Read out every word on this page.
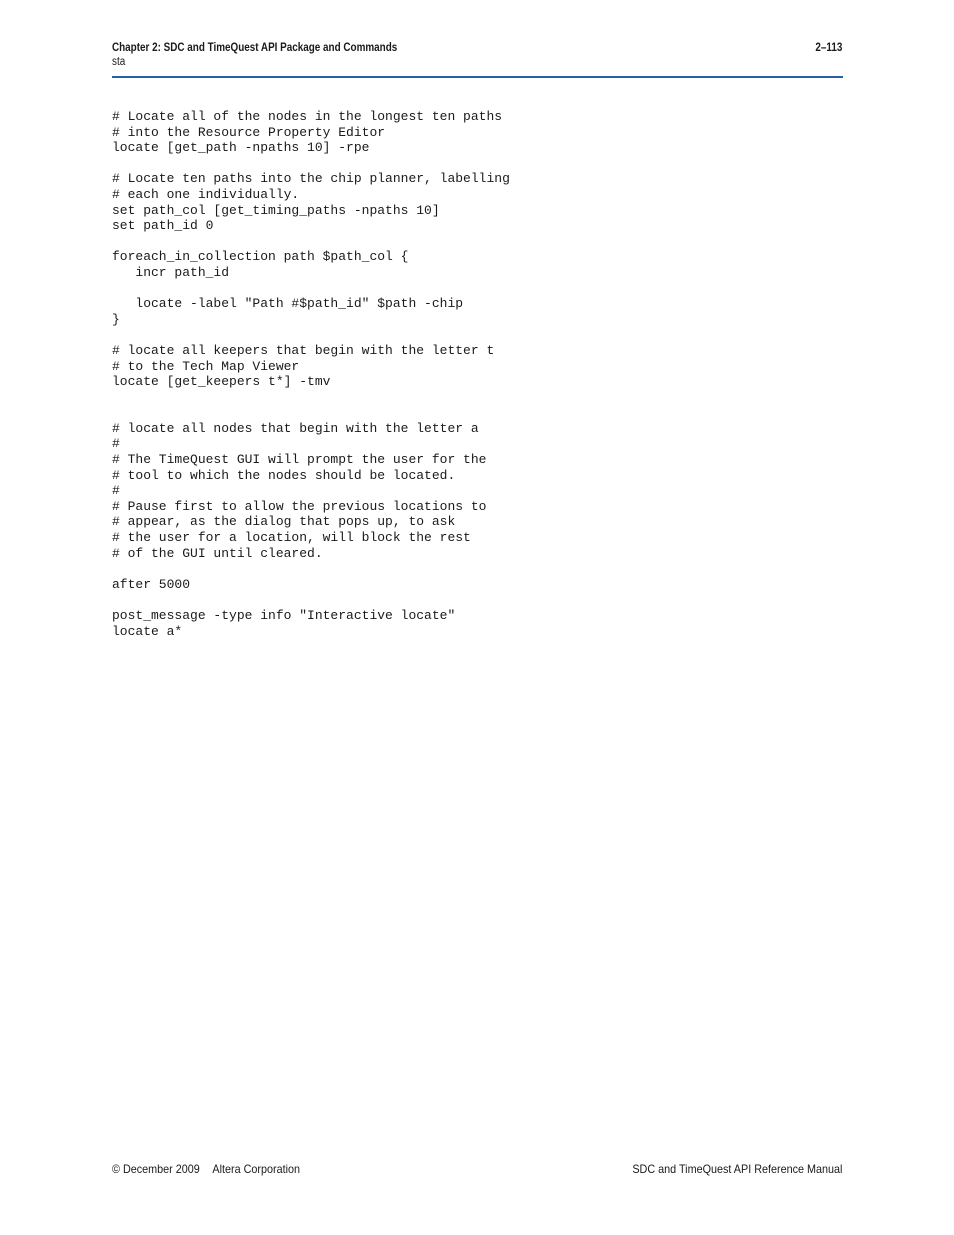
Chapter 2: SDC and TimeQuest API Package and Commands	2–113
sta
# Locate all of the nodes in the longest ten paths
# into the Resource Property Editor
locate [get_path -npaths 10] -rpe

# Locate ten paths into the chip planner, labelling
# each one individually.
set path_col [get_timing_paths -npaths 10]
set path_id 0

foreach_in_collection path $path_col {
incr path_id

locate -label "Path #$path_id" $path -chip
}

# locate all keepers that begin with the letter t
# to the Tech Map Viewer
locate [get_keepers t*] -tmv

# locate all nodes that begin with the letter a
#
# The TimeQuest GUI will prompt the user for the
# tool to which the nodes should be located.
#
# Pause first to allow the previous locations to
# appear, as the dialog that pops up, to ask
# the user for a location, will block the rest
# of the GUI until cleared.

after 5000

post_message -type info "Interactive locate"
locate a*
© December 2009 Altera Corporation	SDC and TimeQuest API Reference Manual
